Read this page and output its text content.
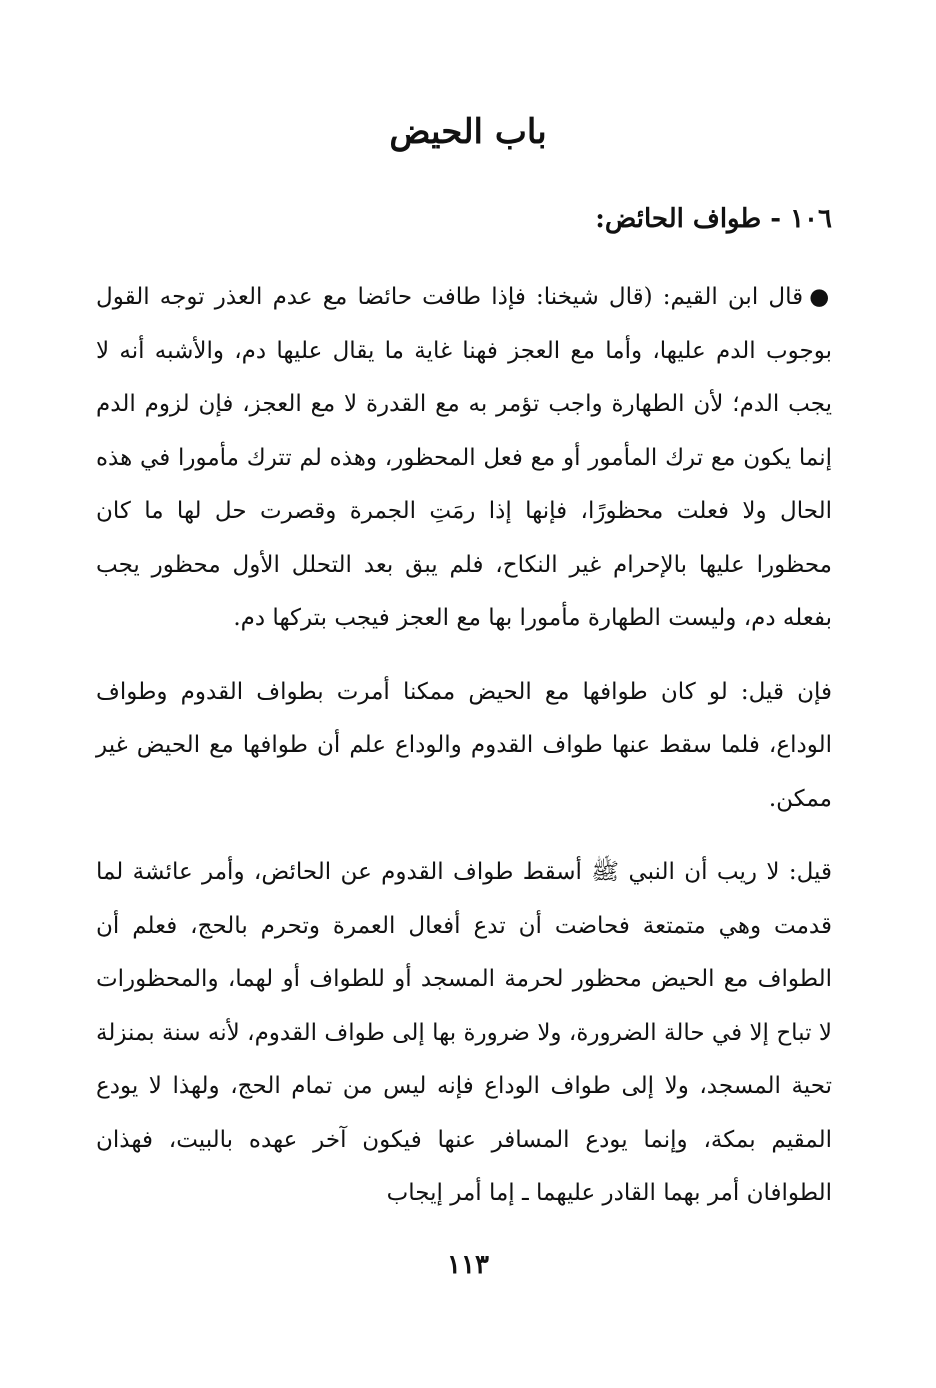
باب الحيض
١٠٦ - طواف الحائض:

●قال ابن القيم: (قال شيخنا: فإذا طافت حائضا مع عدم العذر توجه القول بوجوب الدم عليها، وأما مع العجز فهنا غاية ما يقال عليها دم، والأشبه أنه لا يجب الدم؛ لأن الطهارة واجب تؤمر به مع القدرة لا مع العجز، فإن لزوم الدم إنما يكون مع ترك المأمور أو مع فعل المحظور، وهذه لم تترك مأمورا في هذه الحال ولا فعلت محظورًا، فإنها إذا رمَتِ الجمرة وقصرت حل لها ما كان محظورا عليها بالإحرام غير النكاح، فلم يبق بعد التحلل الأول محظور يجب بفعله دم، وليست الطهارة مأمورا بها مع العجز فيجب بتركها دم.

فإن قيل: لو كان طوافها مع الحيض ممكنا أمرت بطواف القدوم وطواف الوداع، فلما سقط عنها طواف القدوم والوداع علم أن طوافها مع الحيض غير ممكن.

قيل: لا ريب أن النبي ﷺ أسقط طواف القدوم عن الحائض، وأمر عائشة لما قدمت وهي متمتعة فحاضت أن تدع أفعال العمرة وتحرم بالحج، فعلم أن الطواف مع الحيض محظور لحرمة المسجد أو للطواف أو لهما، والمحظورات لا تباح إلا في حالة الضرورة، ولا ضرورة بها إلى طواف القدوم، لأنه سنة بمنزلة تحية المسجد، ولا إلى طواف الوداع فإنه ليس من تمام الحج، ولهذا لا يودع المقيم بمكة، وإنما يودع المسافر عنها فيكون آخر عهده بالبيت، فهذان الطوافان أمر بهما القادر عليهما ـ إما أمر إيجاب

١١٣
